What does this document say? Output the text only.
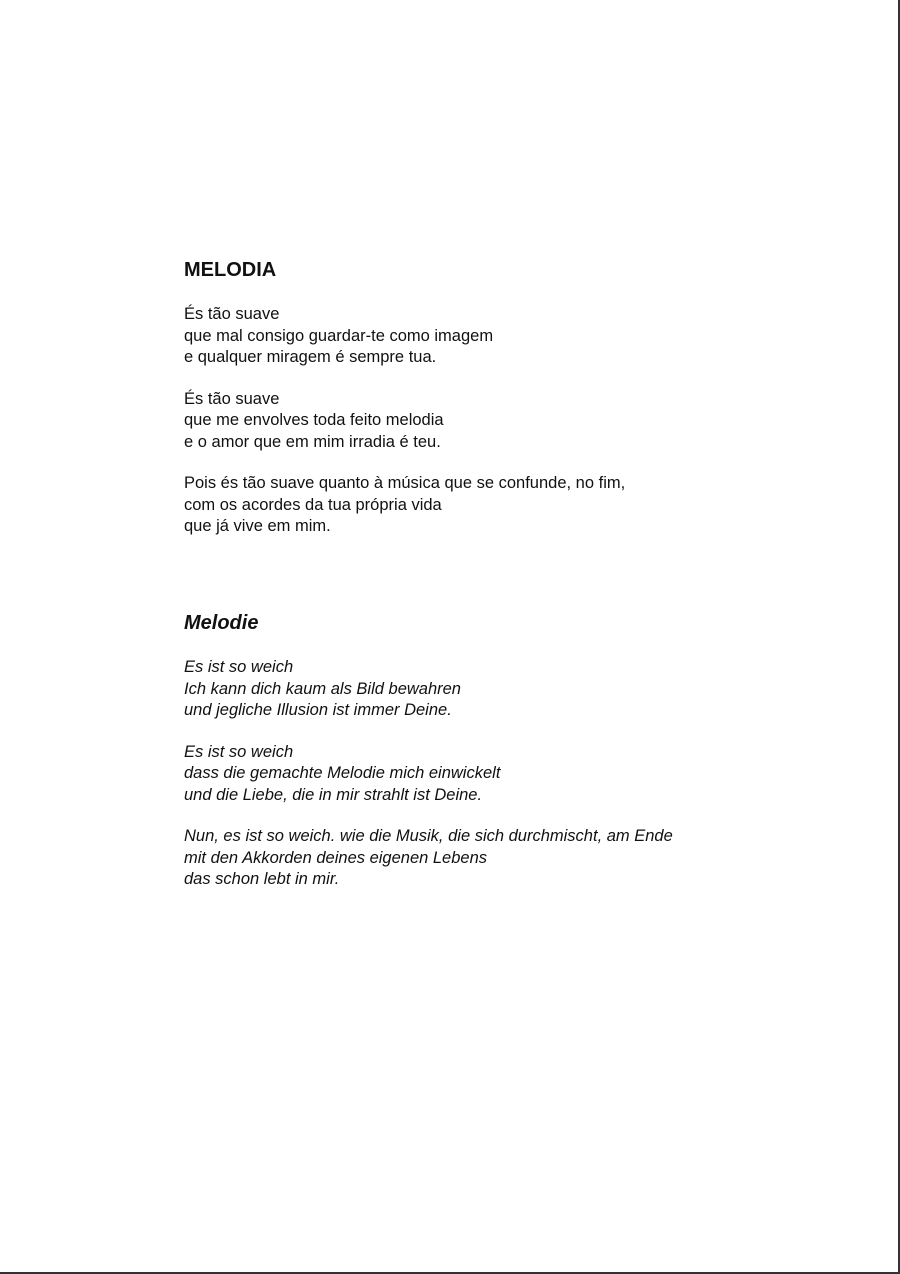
MELODIA
És tão suave
que mal consigo guardar-te como imagem
e qualquer miragem é sempre tua.
És tão suave
que me envolves toda feito melodia
e o amor que em mim irradia é teu.
Pois és tão suave quanto à música que se confunde, no fim,
com os acordes da tua própria vida
que já vive em mim.
Melodie
Es ist so weich
Ich kann dich kaum als Bild bewahren
und jegliche Illusion ist immer Deine.
Es ist so weich
dass die gemachte Melodie mich einwickelt
und die Liebe, die in mir strahlt ist Deine.
Nun, es ist so weich. wie die Musik, die sich durchmischt, am Ende
mit den Akkorden deines eigenen Lebens
das schon lebt in mir.
